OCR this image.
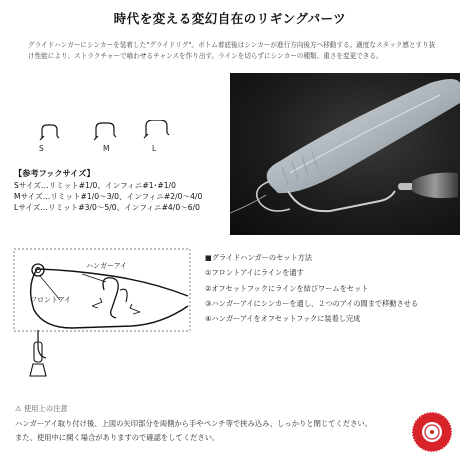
時代を変える変幻自在のリギングパーツ
グライドハンガーにシンカーを装着した"グライドリグ"。ボトム着底後はシンカーが進行方向後方へ移動する。適度なスタック感とすり抜け性能により、ストラクチャーで喰わせるチャンスを作り出す。ラインを切らずにシンカーの種類、重さを変更できる。
S	M	L
【参考フックサイズ】
Sサイズ…リミット#1/0、インフィニ#1･#1/0
Mサイズ…リミット#1/0～3/0、インフィニ#2/0～4/0
Lサイズ…リミット#3/0～5/0、インフィニ#4/0～6/0
ハンガーアイ
フロントアイ
■グライドハンガーのセット方法
①フロントアイにラインを通す
②オフセットフックにラインを結びワームをセット
③ハンガーアイにシンカーを通し、２つのアイの間まで移動させる
④ハンガーアイをオフセットフックに装着し完成
⚠ 使用上の注意
ハンガーアイ取り付け後、上図の矢印部分を両側から手やペンチ等で挟み込み、しっかりと閉じてください。
また、使用中に開く場合がありますので確認をしてください。
